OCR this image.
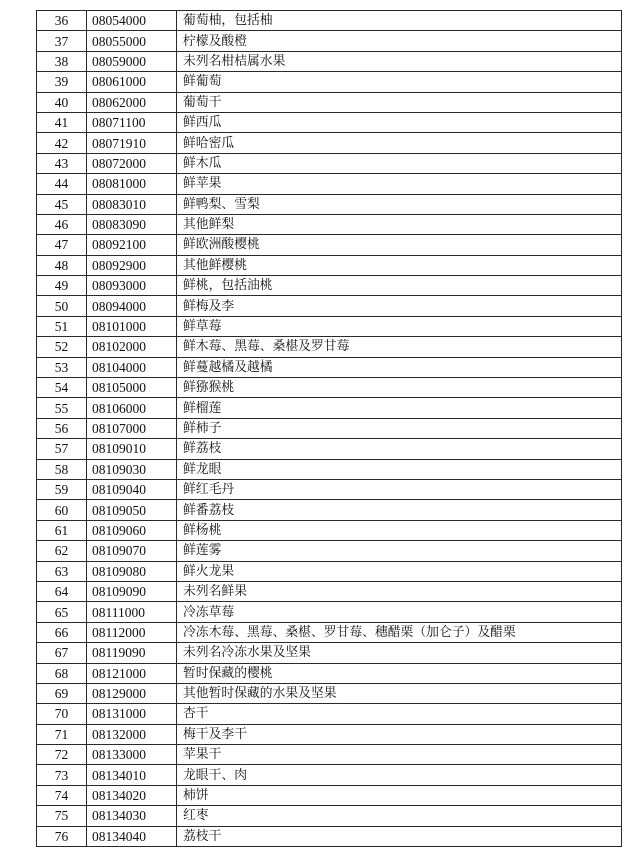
36	08054000	葡萄柚，包括柚
37	08055000	柠檬及酸橙
38	08059000	未列名柑桔属水果
39	08061000	鲜葡萄
40	08062000	葡萄干
41	08071100	鲜西瓜
42	08071910	鲜哈密瓜
43	08072000	鲜木瓜
44	08081000	鲜苹果
45	08083010	鲜鸭梨、雪梨
46	08083090	其他鲜梨
47	08092100	鲜欧洲酸樱桃
48	08092900	其他鲜樱桃
49	08093000	鲜桃，包括油桃
50	08094000	鲜梅及李
51	08101000	鲜草莓
52	08102000	鲜木莓、黑莓、桑椹及罗甘莓
53	08104000	鲜蔓越橘及越橘
54	08105000	鲜猕猴桃
55	08106000	鲜榴莲
56	08107000	鲜柿子
57	08109010	鲜荔枝
58	08109030	鲜龙眼
59	08109040	鲜红毛丹
60	08109050	鲜番荔枝
61	08109060	鲜杨桃
62	08109070	鲜莲雾
63	08109080	鲜火龙果
64	08109090	未列名鲜果
65	08111000	冷冻草莓
66	08112000	冷冻木莓、黑莓、桑椹、罗甘莓、穗醋栗（加仑子）及醋栗
67	08119090	未列名冷冻水果及坚果
68	08121000	暂时保藏的樱桃
69	08129000	其他暂时保藏的水果及坚果
70	08131000	杏干
71	08132000	梅干及李干
72	08133000	苹果干
73	08134010	龙眼干、肉
74	08134020	柿饼
75	08134030	红枣
76	08134040	荔枝干
